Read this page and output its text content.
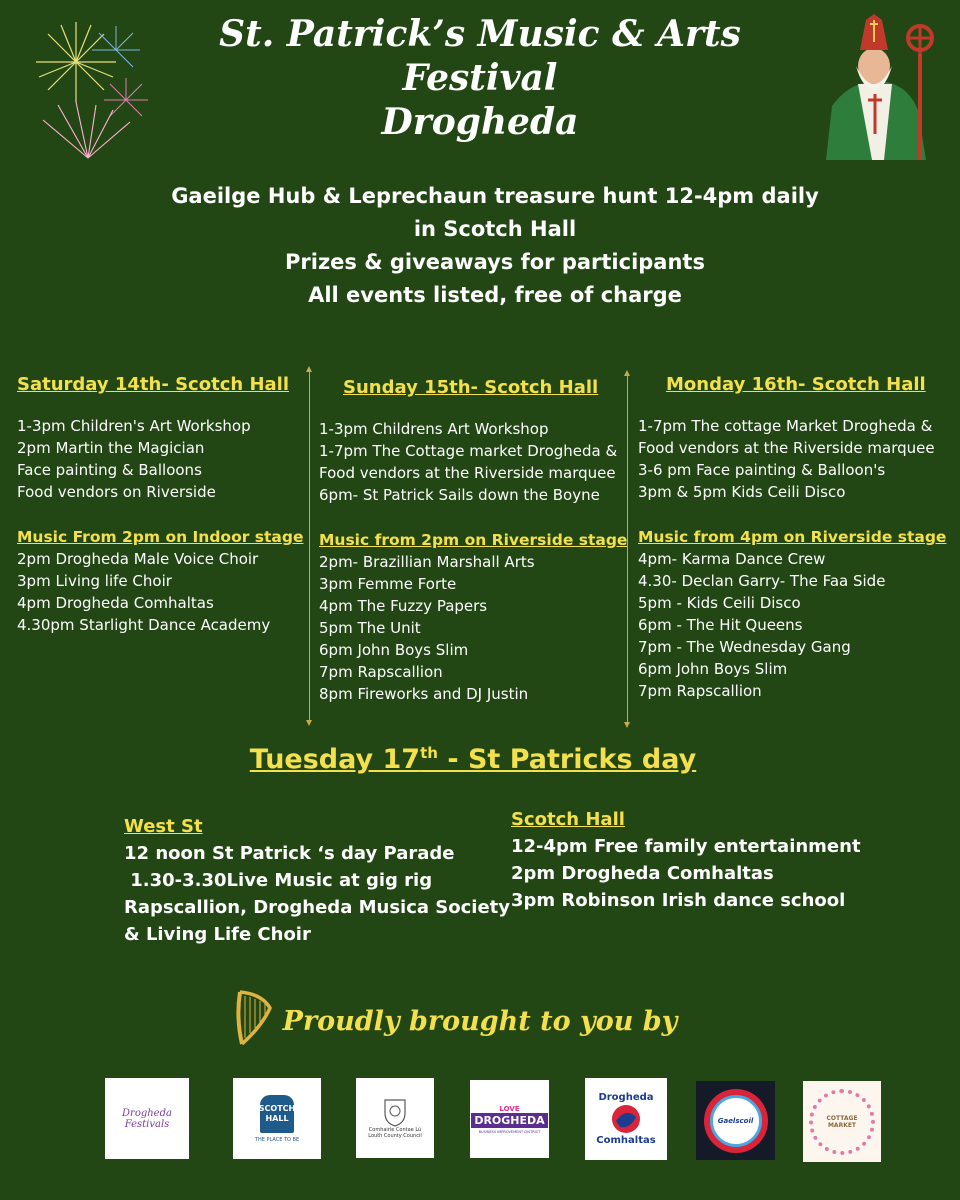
St. Patrick’s Music & Arts
Festival
Drogheda
Gaeilge Hub & Leprechaun treasure hunt 12-4pm daily
in Scotch Hall
Prizes & giveaways for participants
All events listed, free of charge
Saturday 14th- Scotch Hall
1-3pm Children's Art Workshop
2pm Martin the Magician
Face painting & Balloons
Food vendors on Riverside
Music From 2pm on Indoor stage
2pm Drogheda Male Voice Choir
3pm Living life Choir
4pm Drogheda Comhaltas
4.30pm Starlight Dance Academy
Sunday 15th- Scotch Hall
1-3pm Childrens Art Workshop
1-7pm The Cottage market Drogheda &
Food vendors at the Riverside marquee
6pm- St Patrick Sails down the Boyne
Music from 2pm on Riverside stage
2pm- Brazillian Marshall Arts
3pm Femme Forte
4pm The Fuzzy Papers
5pm The Unit
6pm John Boys Slim
7pm Rapscallion
8pm Fireworks and DJ Justin
Monday 16th- Scotch Hall
1-7pm The cottage Market Drogheda &
Food vendors at the Riverside marquee
3-6 pm Face painting & Balloon's
3pm & 5pm Kids Ceili Disco
Music from 4pm on Riverside stage
4pm- Karma Dance Crew
4.30- Declan Garry- The Faa Side
5pm - Kids Ceili Disco
6pm - The Hit Queens
7pm - The Wednesday Gang
6pm John Boys Slim
7pm Rapscallion
Tuesday 17th - St Patricks day
West St
12 noon St Patrick ‘s day Parade
1.30-3.30Live Music at gig rig
Rapscallion, Drogheda Musica Society
& Living Life Choir
Scotch Hall
12-4pm Free family entertainment
2pm Drogheda Comhaltas
3pm Robinson Irish dance school
Proudly brought to you by
Drogheda Festivals
SCOTCH
HALL
THE PLACE TO BE
Comhairle Contae Lú
Louth County Council
LOVE
DROGHEDA
BUSINESS IMPROVEMENT DISTRICT
Drogheda
Comhaltas
Gaelscoil	COTTAGE MARKET
